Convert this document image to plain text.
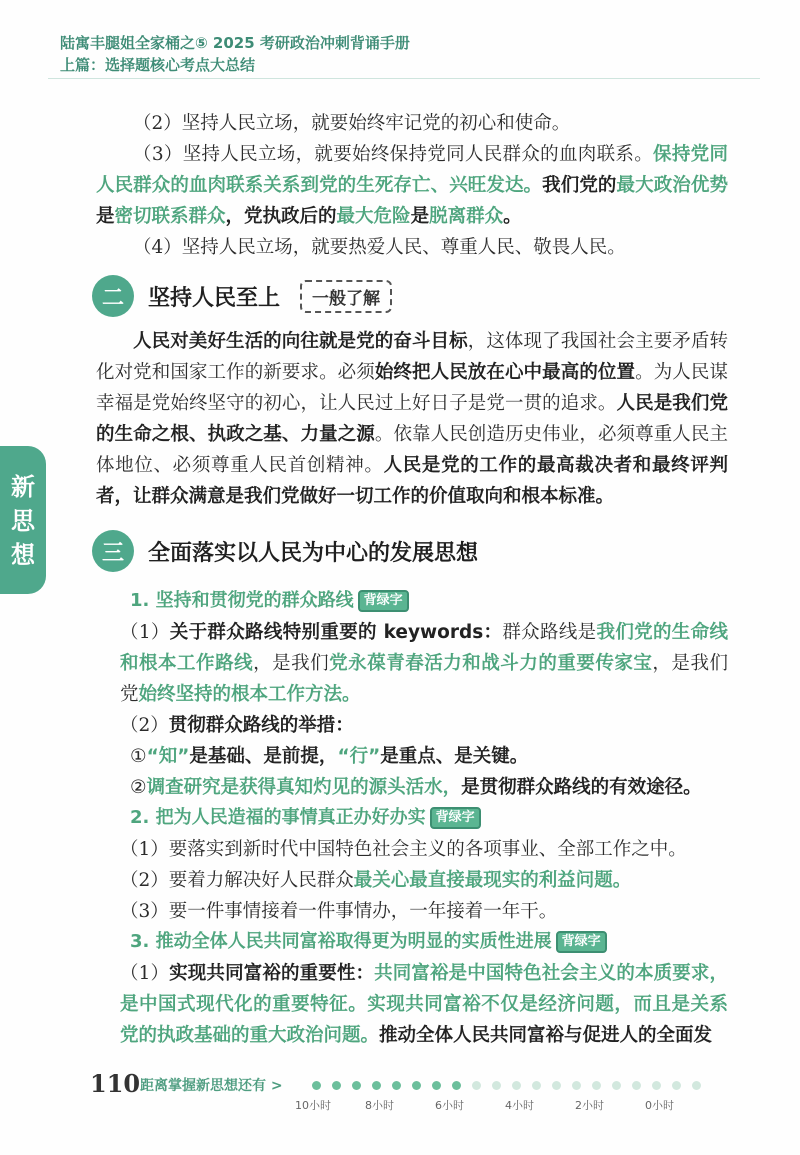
陆寓丰腿姐全家桶之⑤ 2025 考研政治冲刺背诵手册
上篇：选择题核心考点大总结
新
思
想
（2）坚持人民立场，就要始终牢记党的初心和使命。
（3）坚持人民立场，就要始终保持党同人民群众的血肉联系。保持党同人民群众的血肉联系关系到党的生死存亡、兴旺发达。我们党的最大政治优势是密切联系群众，党执政后的最大危险是脱离群众。
（4）坚持人民立场，就要热爱人民、尊重人民、敬畏人民。
二	坚持人民至上	一般了解
人民对美好生活的向往就是党的奋斗目标，这体现了我国社会主要矛盾转化对党和国家工作的新要求。必须始终把人民放在心中最高的位置。为人民谋幸福是党始终坚守的初心，让人民过上好日子是党一贯的追求。人民是我们党的生命之根、执政之基、力量之源。依靠人民创造历史伟业，必须尊重人民主体地位、必须尊重人民首创精神。人民是党的工作的最高裁决者和最终评判者，让群众满意是我们党做好一切工作的价值取向和根本标准。
三	全面落实以人民为中心的发展思想
1. 坚持和贯彻党的群众路线 背绿字
（1）关于群众路线特别重要的 keywords：群众路线是我们党的生命线和根本工作路线，是我们党永葆青春活力和战斗力的重要传家宝，是我们党始终坚持的根本工作方法。
（2）贯彻群众路线的举措：
①“知”是基础、是前提，“行”是重点、是关键。
②调查研究是获得真知灼见的源头活水，是贯彻群众路线的有效途径。
2. 把为人民造福的事情真正办好办实 背绿字
（1）要落实到新时代中国特色社会主义的各项事业、全部工作之中。
（2）要着力解决好人民群众最关心最直接最现实的利益问题。
（3）要一件事情接着一件事情办，一年接着一年干。
3. 推动全体人民共同富裕取得更为明显的实质性进展 背绿字
（1）实现共同富裕的重要性：共同富裕是中国特色社会主义的本质要求，是中国式现代化的重要特征。实现共同富裕不仅是经济问题，而且是关系党的执政基础的重大政治问题。推动全体人民共同富裕与促进人的全面发
110 距离掌握新思想还有 >
10小时	8小时	6小时	4小时	2小时	0小时
